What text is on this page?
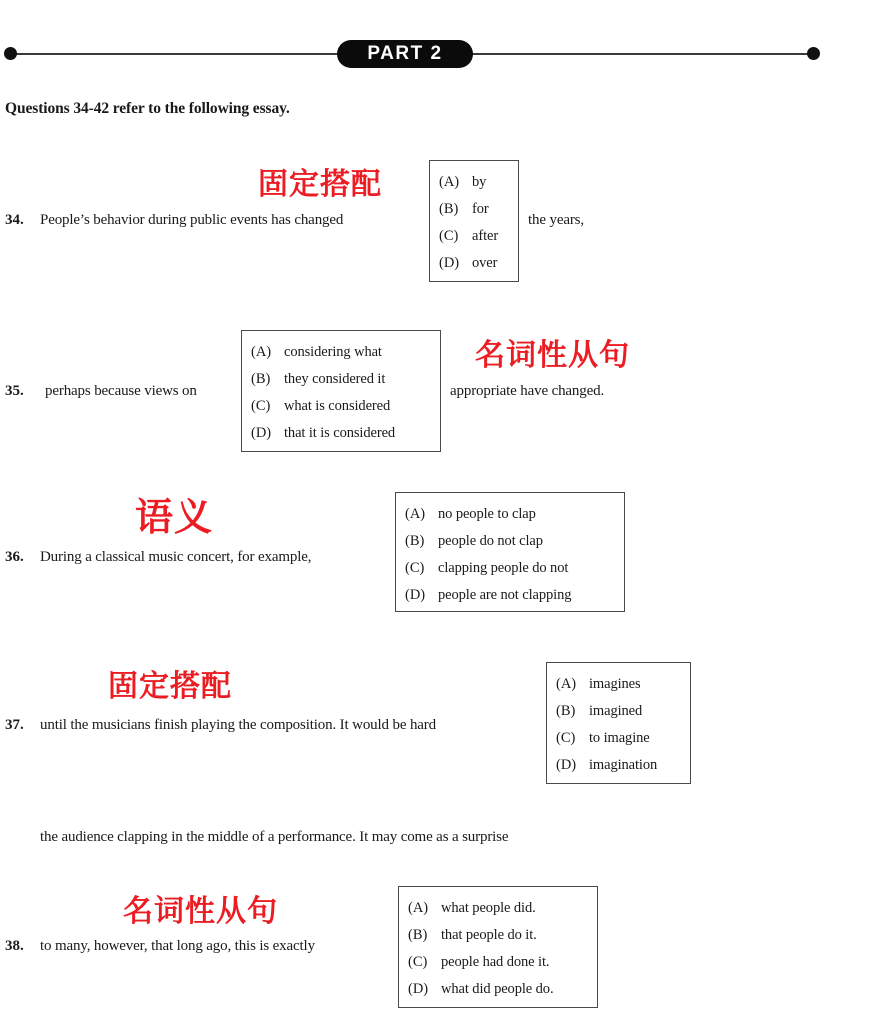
PART 2
Questions 34-42 refer to the following essay.
34. People’s behavior during public events has changed	the years,
固定搭配	(A) by
(B) for
(C) after
(D) over
35. perhaps because views on	appropriate have changed.
名词性从句
(A) considering what
(B) they considered it
(C) what is considered
(D) that it is considered
36. During a classical music concert, for example,
语义	(A) no people to clap
(B) people do not clap
(C) clapping people do not
(D) people are not clapping
37. until the musicians finish playing the composition. It would be hard
固定搭配	(A) imagines
(B) imagined
(C) to imagine
(D) imagination
the audience clapping in the middle of a performance. It may come as a surprise
38. to many, however, that long ago, this is exactly
名词性从句	(A) what people did.
(B) that people do it.
(C) people had done it.
(D) what did people do.
